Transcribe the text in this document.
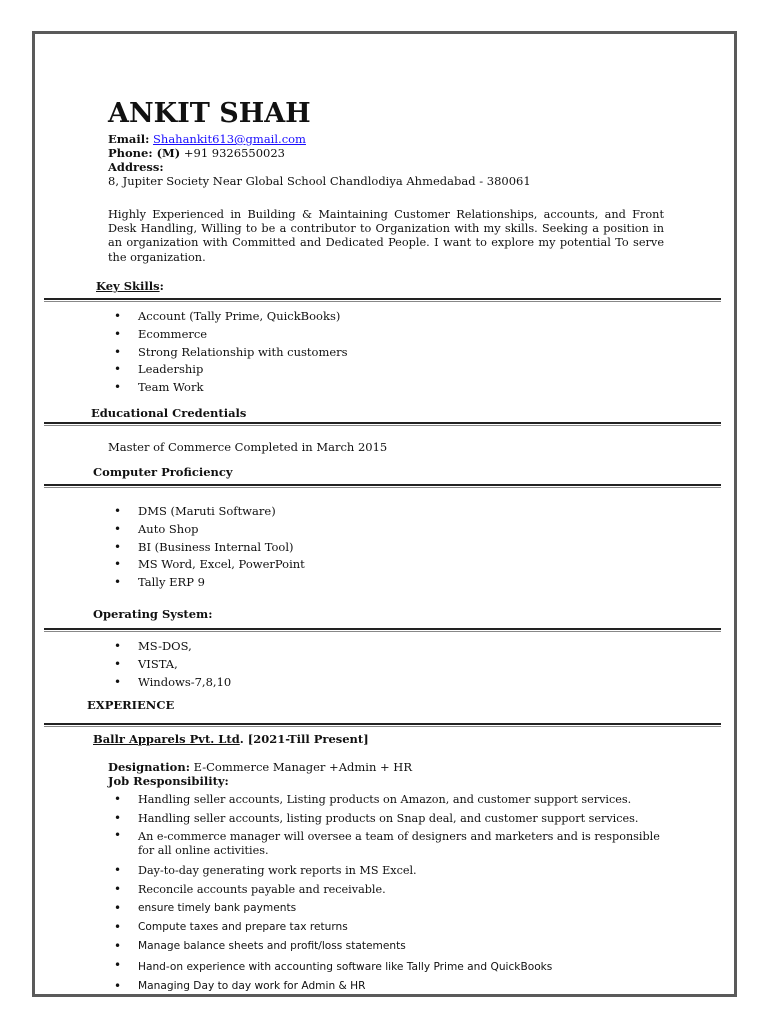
ANKIT SHAH
Email: Shahankit613@gmail.com
Phone: (M) +91 9326550023
Address:
8, Jupiter Society Near Global School Chandlodiya Ahmedabad - 380061
Highly Experienced in Building & Maintaining Customer Relationships, accounts, and Front Desk Handling, Willing to be a contributor to Organization with my skills. Seeking a position in an organization with Committed and Dedicated People. I want to explore my potential To serve the organization.
Key Skills:
• Account (Tally Prime, QuickBooks)
• Ecommerce
• Strong Relationship with customers
• Leadership
• Team Work
Educational Credentials
Master of Commerce Completed in March 2015
Computer Proficiency
• DMS (Maruti Software)
• Auto Shop
• BI (Business Internal Tool)
• MS Word, Excel, PowerPoint
• Tally ERP 9
Operating System:
• MS-DOS,
• VISTA,
• Windows-7,8,10
EXPERIENCE
Ballr Apparels Pvt. Ltd. [2021-Till Present]
Designation: E-Commerce Manager +Admin + HR
Job Responsibility:
• Handling seller accounts, Listing products on Amazon, and customer support services.
• Handling seller accounts, listing products on Snap deal, and customer support services.
• An e-commerce manager will oversee a team of designers and marketers and is responsible for all online activities.
• Day-to-day generating work reports in MS Excel.
• Reconcile accounts payable and receivable.
• ensure timely bank payments
• Compute taxes and prepare tax returns
• Manage balance sheets and profit/loss statements
• Hand-on experience with accounting software like Tally Prime and QuickBooks
• Managing Day to day work for Admin & HR
